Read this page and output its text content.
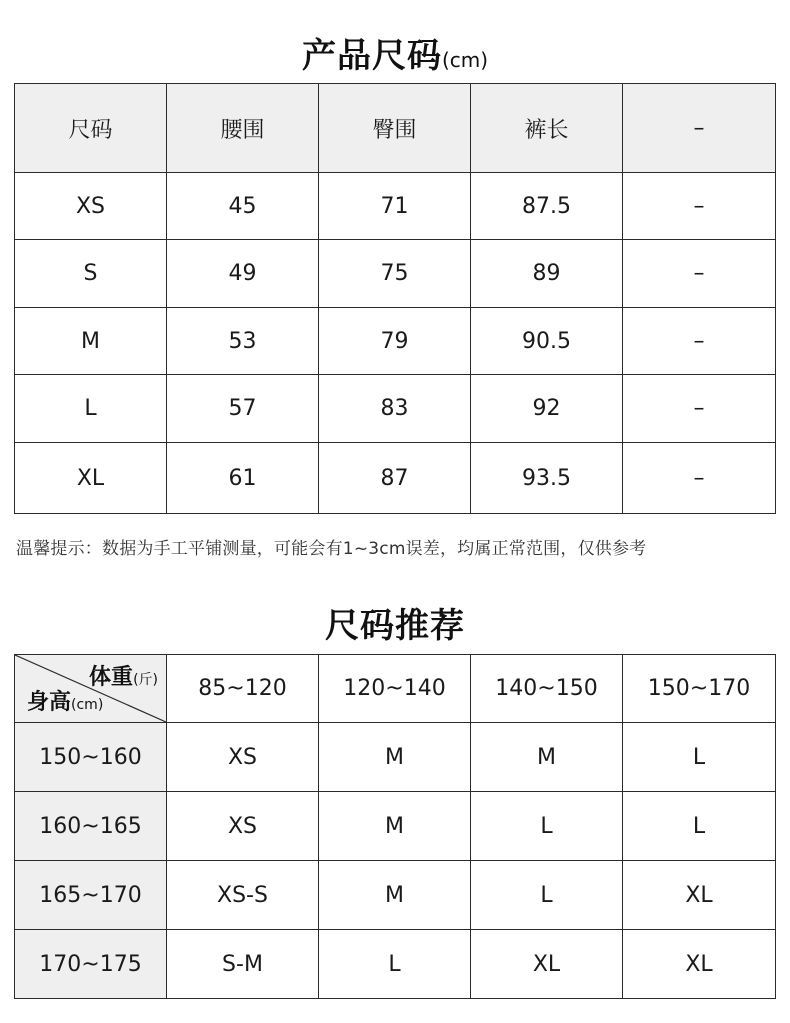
产品尺码(cm)
尺码	腰围	臀围	裤长	–
XS	45	71	87.5	–
S	49	75	89	–
M	53	79	90.5	–
L	57	83	92	–
XL	61	87	93.5	–
温馨提示：数据为手工平铺测量，可能会有1~3cm误差，均属正常范围，仅供参考
尺码推荐
体重(斤)
身高(cm)	85~120	120~140	140~150	150~170
150~160	XS	M	M	L
160~165	XS	M	L	L
165~170	XS-S	M	L	XL
170~175	S-M	L	XL	XL
